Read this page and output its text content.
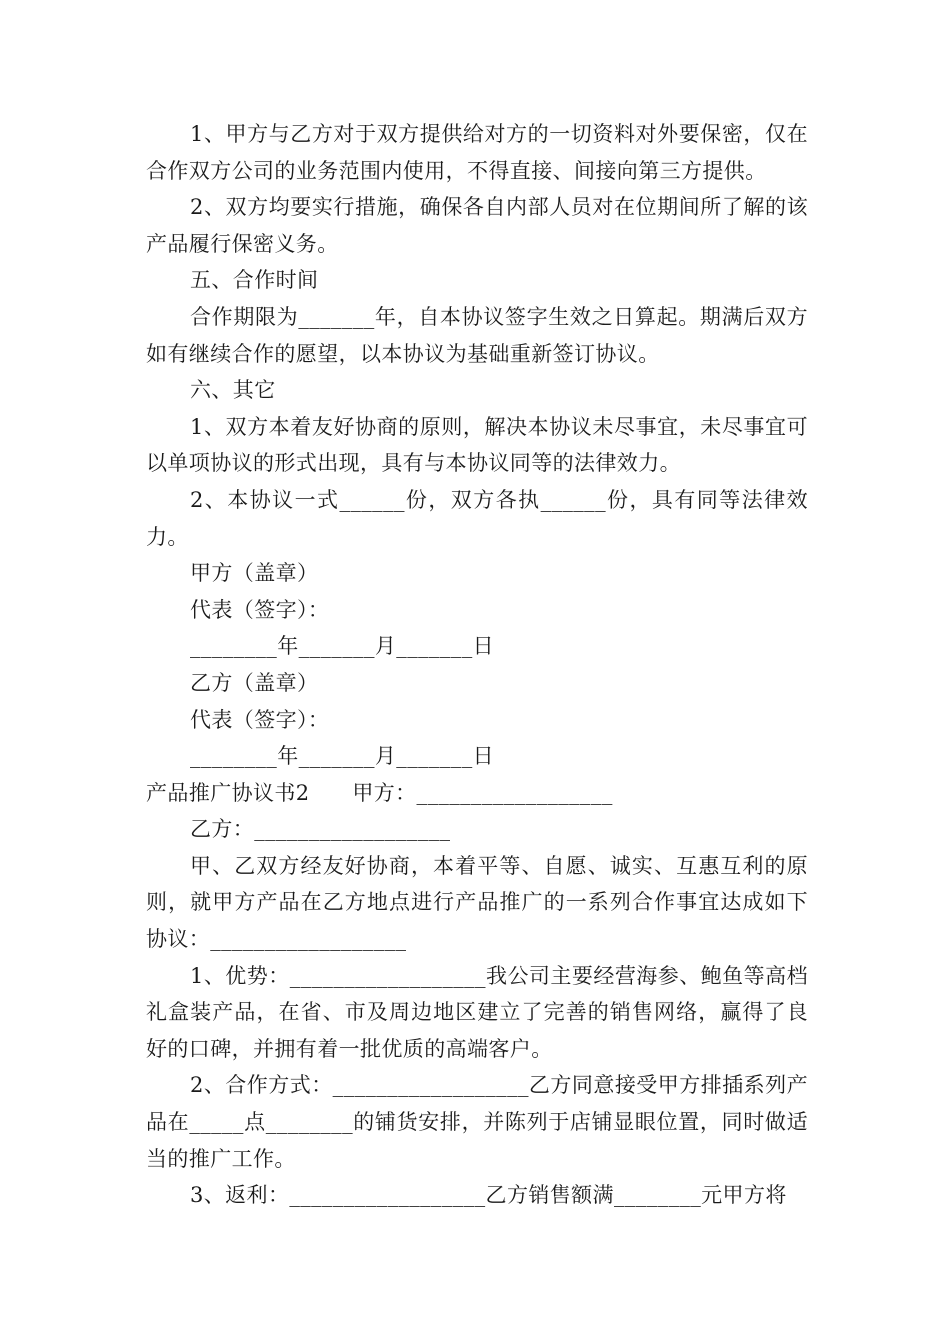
1、甲方与乙方对于双方提供给对方的一切资料对外要保密，仅在合作双方公司的业务范围内使用，不得直接、间接向第三方提供。

2、双方均要实行措施，确保各自内部人员对在位期间所了解的该产品履行保密义务。

五、合作时间

合作期限为_______年，自本协议签字生效之日算起。期满后双方如有继续合作的愿望，以本协议为基础重新签订协议。

六、其它

1、双方本着友好协商的原则，解决本协议未尽事宜，未尽事宜可以单项协议的形式出现，具有与本协议同等的法律效力。

2、本协议一式______份，双方各执______份，具有同等法律效力。

甲方（盖章）

代表（签字）：

________年_______月_______日

乙方（盖章）

代表（签字）：

________年_______月_______日

产品推广协议书2　　甲方：__________________

乙方：__________________

甲、乙双方经友好协商，本着平等、自愿、诚实、互惠互利的原则，就甲方产品在乙方地点进行产品推广的一系列合作事宜达成如下协议：__________________

1、优势：__________________我公司主要经营海参、鲍鱼等高档礼盒装产品，在省、市及周边地区建立了完善的销售网络，赢得了良好的口碑，并拥有着一批优质的高端客户。

2、合作方式：__________________乙方同意接受甲方排插系列产品在_____点________的铺货安排，并陈列于店铺显眼位置，同时做适当的推广工作。

3、返利：__________________乙方销售额满________元甲方将
